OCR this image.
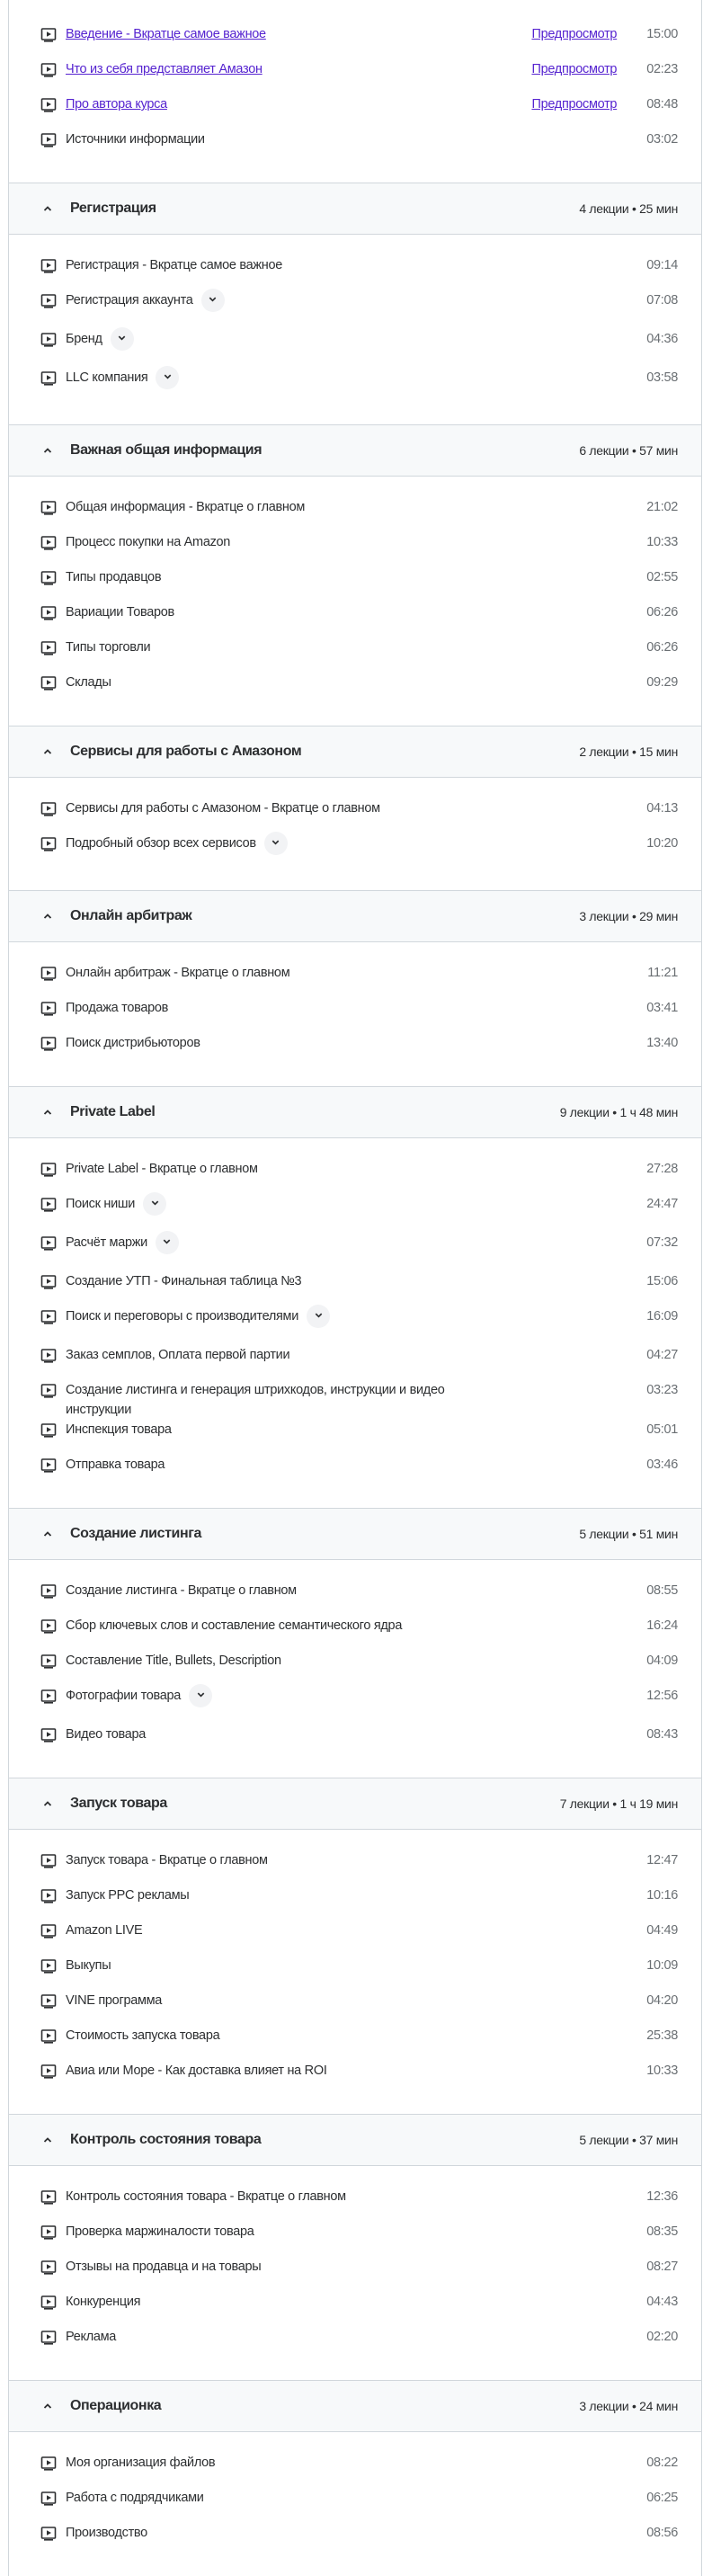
Введение - Вкратце самое важное	Предпросмотр 15:00
Что из себя представляет Амазон	Предпросмотр 02:23
Про автора курса	Предпросмотр 08:48
Источники информации	03:02
Регистрация	4 лекции • 25 мин
Регистрация - Вкратце самое важное	09:14
Регистрация аккаунта	07:08
Бренд	04:36
LLC компания	03:58
Важная общая информация	6 лекции • 57 мин
Общая информация - Вкратце о главном	21:02
Процесс покупки на Amazon	10:33
Типы продавцов	02:55
Вариации Товаров	06:26
Типы торговли	06:26
Склады	09:29
Сервисы для работы с Амазоном	2 лекции • 15 мин
Сервисы для работы с Амазоном - Вкратце о главном	04:13
Подробный обзор всех сервисов	10:20
Онлайн арбитраж	3 лекции • 29 мин
Онлайн арбитраж - Вкратце о главном	11:21
Продажа товаров	03:41
Поиск дистрибьюторов	13:40
Private Label	9 лекции • 1 ч 48 мин
Private Label - Вкратце о главном	27:28
Поиск ниши	24:47
Расчёт маржи	07:32
Создание УТП - Финальная таблица №3	15:06
Поиск и переговоры с производителями	16:09
Заказ семплов, Оплата первой партии	04:27
Создание листинга и генерация штрихкодов, инструкции и видео инструкции
03:23
Инспекция товара	05:01
Отправка товара	03:46
Создание листинга	5 лекции • 51 мин
Создание листинга - Вкратце о главном	08:55
Сбор ключевых слов и составление семантического ядра	16:24
Составление Title, Bullets, Description	04:09
Фотографии товара	12:56
Видео товара	08:43
Запуск товара	7 лекции • 1 ч 19 мин
Запуск товара - Вкратце о главном	12:47
Запуск PPC рекламы	10:16
Amazon LIVE	04:49
Выкупы	10:09
VINE программа	04:20
Стоимость запуска товара	25:38
Авиа или Море - Как доставка влияет на ROI	10:33
Контроль состояния товара	5 лекции • 37 мин
Контроль состояния товара - Вкратце о главном	12:36
Проверка маржиналости товара	08:35
Отзывы на продавца и на товары	08:27
Конкуренция	04:43
Реклама	02:20
Операционка	3 лекции • 24 мин
Моя организация файлов	08:22
Работа с подрядчиками	06:25
Производство	08:56
